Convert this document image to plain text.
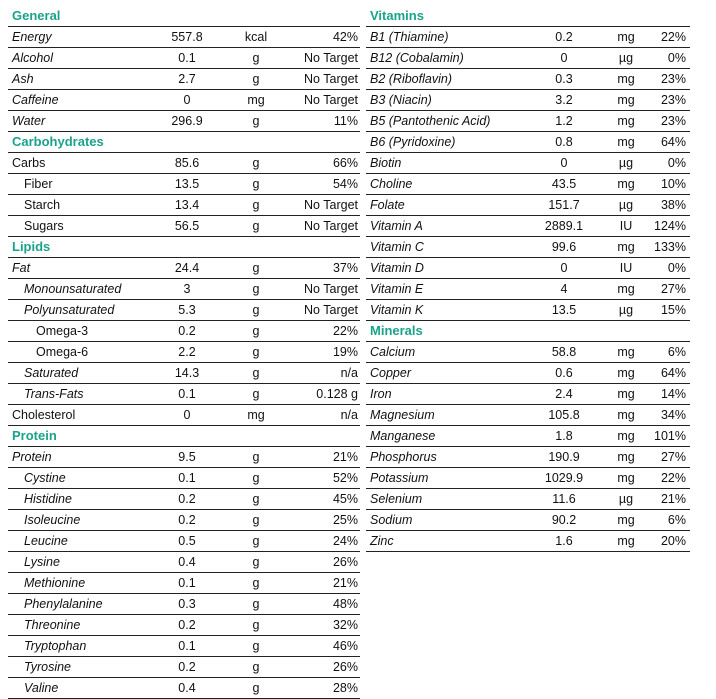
General
Energy	557.8	kcal	42%
Alcohol	0.1	g	No Target
Ash	2.7	g	No Target
Caffeine	0	mg	No Target
Water	296.9	g	11%
Carbohydrates
Carbs	85.6	g	66%
Fiber	13.5	g	54%
Starch	13.4	g	No Target
Sugars	56.5	g	No Target
Lipids
Fat	24.4	g	37%
Monounsaturated	3	g	No Target
Polyunsaturated	5.3	g	No Target
Omega-3	0.2	g	22%
Omega-6	2.2	g	19%
Saturated	14.3	g	n/a
Trans-Fats	0.1	g	0.128 g
Cholesterol	0	mg	n/a
Protein
Protein	9.5	g	21%
Cystine	0.1	g	52%
Histidine	0.2	g	45%
Isoleucine	0.2	g	25%
Leucine	0.5	g	24%
Lysine	0.4	g	26%
Methionine	0.1	g	21%
Phenylalanine	0.3	g	48%
Threonine	0.2	g	32%
Tryptophan	0.1	g	46%
Tyrosine	0.2	g	26%
Valine	0.4	g	28%
Vitamins
B1 (Thiamine)	0.2	mg	22%
B12 (Cobalamin)	0	µg	0%
B2 (Riboflavin)	0.3	mg	23%
B3 (Niacin)	3.2	mg	23%
B5 (Pantothenic Acid)	1.2	mg	23%
B6 (Pyridoxine)	0.8	mg	64%
Biotin	0	µg	0%
Choline	43.5	mg	10%
Folate	151.7	µg	38%
Vitamin A	2889.1	IU	124%
Vitamin C	99.6	mg	133%
Vitamin D	0	IU	0%
Vitamin E	4	mg	27%
Vitamin K	13.5	µg	15%
Minerals
Calcium	58.8	mg	6%
Copper	0.6	mg	64%
Iron	2.4	mg	14%
Magnesium	105.8	mg	34%
Manganese	1.8	mg	101%
Phosphorus	190.9	mg	27%
Potassium	1029.9	mg	22%
Selenium	11.6	µg	21%
Sodium	90.2	mg	6%
Zinc	1.6	mg	20%
